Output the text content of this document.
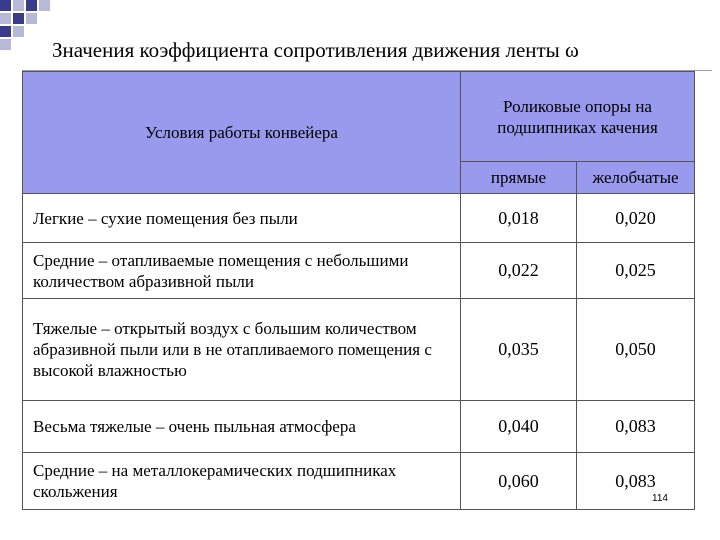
Значения коэффициента сопротивления движения ленты ω
Условия работы конвейера	Роликовые опоры на подшипниках качения	
	прямые	желобчатые
Легкие – сухие помещения без пыли	0,018	0,020
Средние – отапливаемые помещения с небольшими количеством абразивной пыли	0,022	0,025
Тяжелые – открытый воздух с большим количеством абразивной пыли или в не отапливаемого помещения с высокой влажностью	0,035	0,050
Весьма тяжелые – очень пыльная атмосфера	0,040	0,083
Средние – на металлокерамических подшипниках скольжения	0,060	0,083
114
